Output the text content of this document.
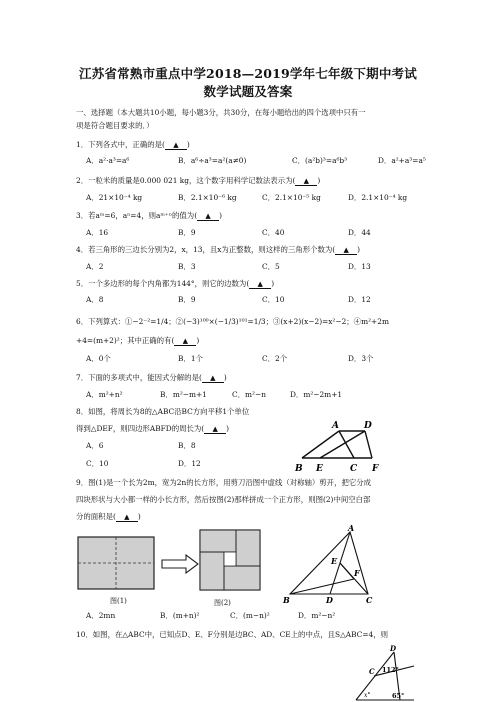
江苏省常熟市重点中学2018—2019学年七年级下期中考试
数学试题及答案
一、选择题（本大题共10小题，每小题3分，共30分，在每小题给出的四个选项中只有一
项是符合题目要求的．）
1．下列各式中，正确的是( ▲ )
A．a²·a³=a⁶	B．a⁶÷a³=a²(a≠0)	C．(a²b)³=a⁶b³	D．a²+a³=a⁵
2．一粒米的质量是0.000 021 kg，这个数字用科学记数法表示为( ▲ )
A．21×10⁻⁴ kg	B．2.1×10⁻⁶ kg	C．2.1×10⁻⁵ kg	D．2.1×10⁻⁴ kg
3．若aᵐ=6，aⁿ=4，则aᵐ⁺ⁿ的值为( ▲ )
A．16	B．9	C．40	D．44
4．若三角形的三边长分别为2，x，13，且x为正整数，则这样的三角形个数为( ▲ )
A．2	B．3	C．5	D．13
5．一个多边形的每个内角都为144°，则它的边数为( ▲ )
A．8	B．9	C．10	D．12
6．下列算式：①−2⁻²=1/4；②(−3)¹⁰⁰×(−1/3)¹⁰¹=1/3；③(x+2)(x−2)=x²−2；④m²+2m
+4=(m+2)²；其中正确的有( ▲ )
A．0个	B．1个	C．2个	D．3个
7．下面的多项式中，能因式分解的是( ▲ )
A．m²+n²	B．m²−m+1	C．m²−n	D．m²−2m+1
8．如图，将周长为8的△ABC沿BC方向平移1个单位
得到△DEF，则四边形ABFD的周长为( ▲ )
A．6	B．8
C．10	D．12
A	D
B E	C F
9．图(1)是一个长为2m，宽为2n的长方形，用剪刀沿图中虚线（对称轴）剪开，把它分成
四块形状与大小都一样的小长方形，然后按图(2)那样拼成一个正方形，则图(2)中间空白部
分的面积是( ▲ )
图(1)	图(2)
A
E
F
B	D	C
A．2mn	B．(m+n)²	C．(m−n)²	D．m²−n²
10．如图，在△ABC中，已知点D、E、F分别是边BC、AD、CE上的中点，且S△ABC=4，则
D
C 112°
x°	65°
